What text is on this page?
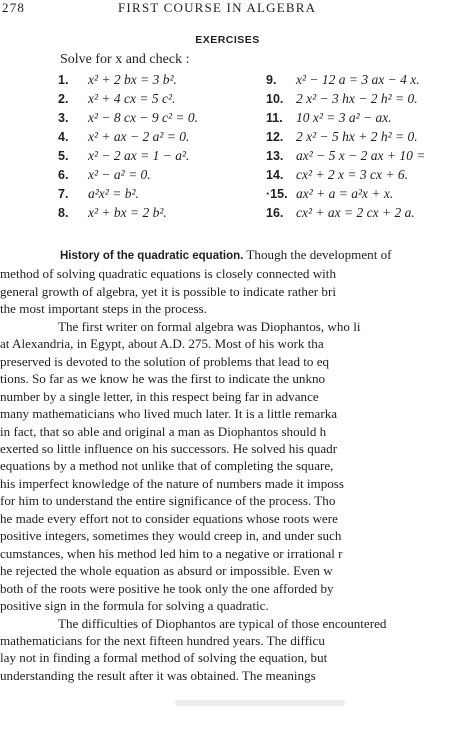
278	FIRST COURSE IN ALGEBRA
EXERCISES
Solve for x and check :
1. x² + 2 bx = 3 b².	9. x² − 12 a = 3 ax − 4 x.
2. x² + 4 cx = 5 c².	10. 2 x² − 3 hx − 2 h² = 0.
3. x² − 8 cx − 9 c² = 0.	11. 10 x² = 3 a² − ax.
4. x² + ax − 2 a² = 0.	12. 2 x² − 5 hx + 2 h² = 0.
5. x² − 2 ax = 1 − a².	13. ax² − 5 x − 2 ax + 10 =
6. x² − a² = 0.	14. cx² + 2 x = 3 cx + 6.
7. a²x² = b².	·15. ax² + a = a²x + x.
8. x² + bx = 2 b².	16. cx² + ax = 2 cx + 2 a.
History of the quadratic equation. Though the development of
method of solving quadratic equations is closely connected with
general growth of algebra, yet it is possible to indicate rather bri
the most important steps in the process.
The first writer on formal algebra was Diophantos, who li
at Alexandria, in Egypt, about A.D. 275. Most of his work tha
preserved is devoted to the solution of problems that lead to eq
tions. So far as we know he was the first to indicate the unkno
number by a single letter, in this respect being far in advance
many mathematicians who lived much later. It is a little remarka
in fact, that so able and original a man as Diophantos should h
exerted so little influence on his successors. He solved his quadr
equations by a method not unlike that of completing the square,
his imperfect knowledge of the nature of numbers made it imposs
for him to understand the entire significance of the process. Tho
he made every effort not to consider equations whose roots were
positive integers, sometimes they would creep in, and under such
cumstances, when his method led him to a negative or irrational r
he rejected the whole equation as absurd or impossible. Even w
both of the roots were positive he took only the one afforded by
positive sign in the formula for solving a quadratic.
The difficulties of Diophantos are typical of those encountered
mathematicians for the next fifteen hundred years. The difficu
lay not in finding a formal method of solving the equation, but
understanding the result after it was obtained. The meanings
